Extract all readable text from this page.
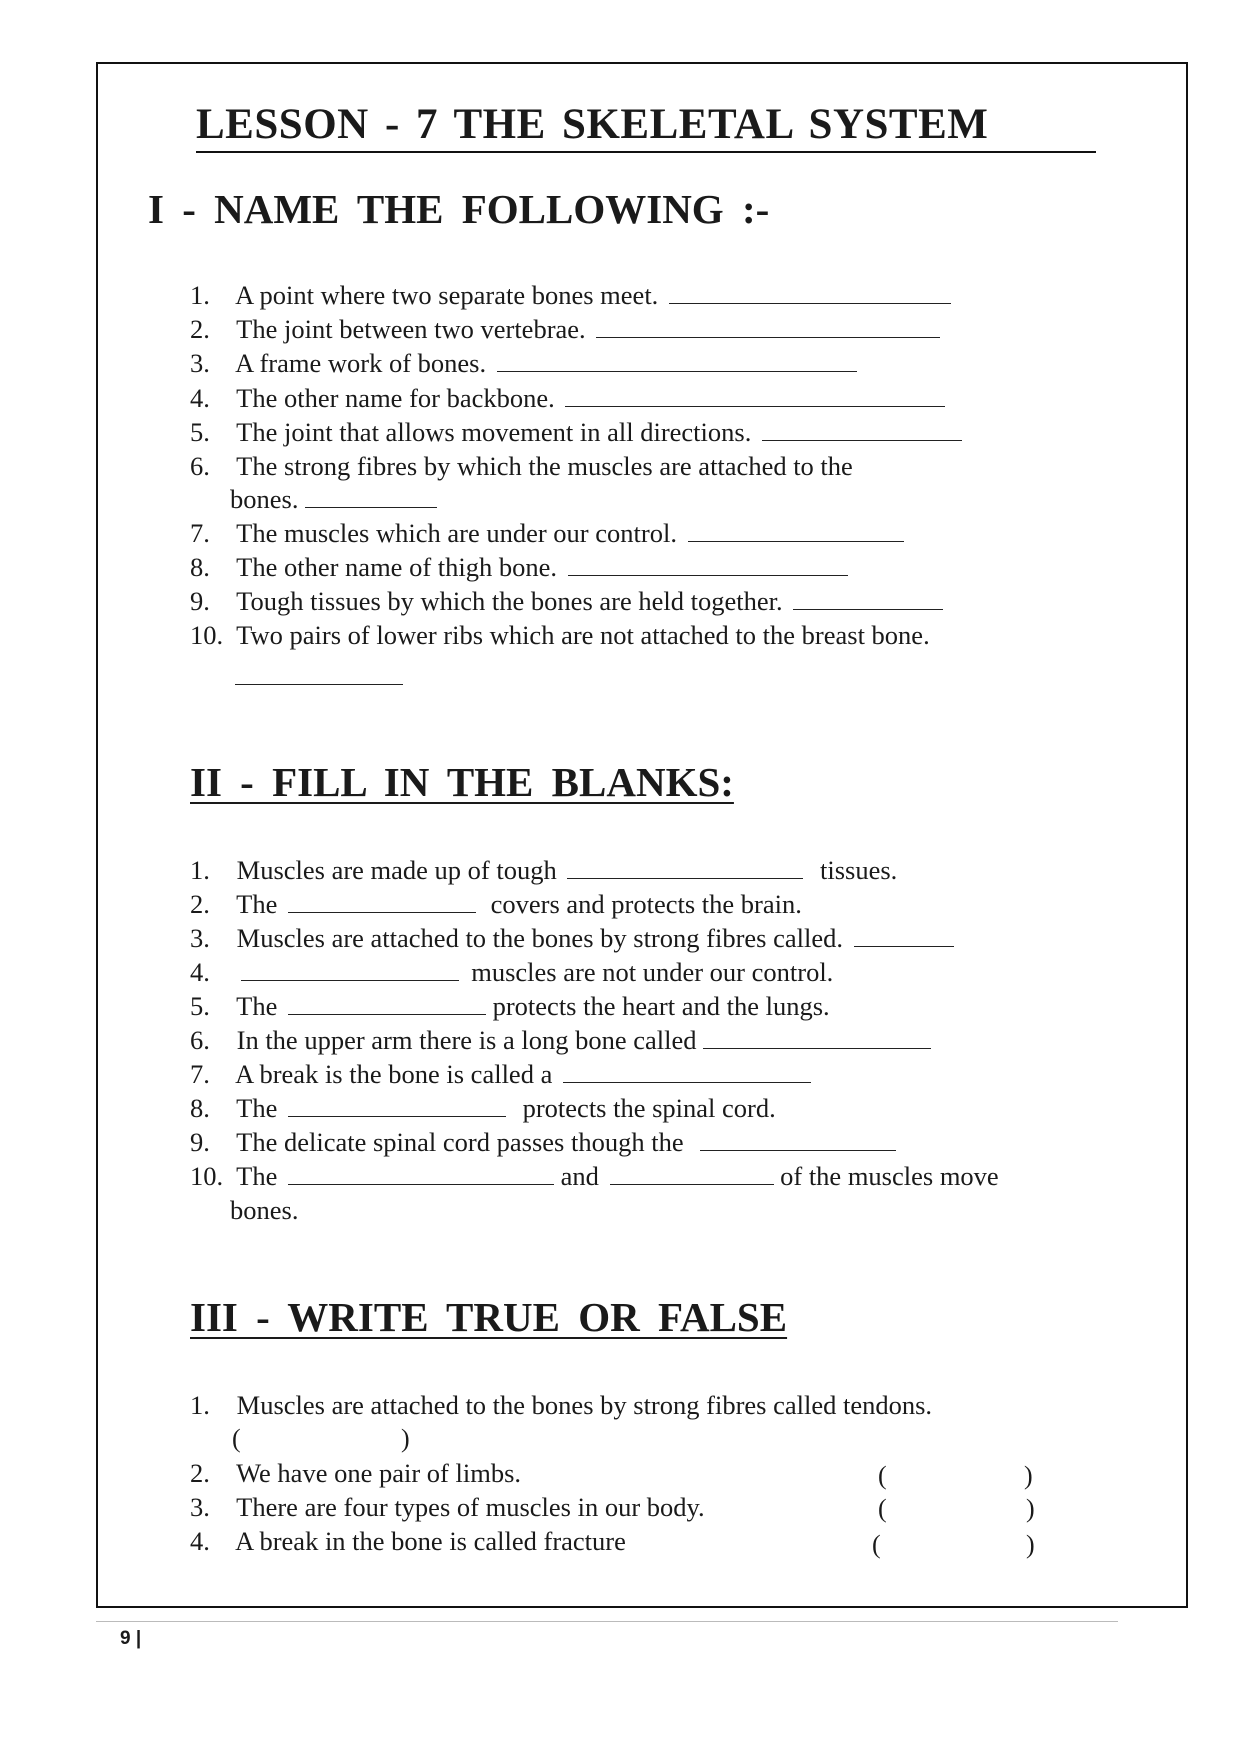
LESSON - 7 THE SKELETAL SYSTEM
I - NAME THE FOLLOWING :-
1. A point where two separate bones meet.
2. The joint between two vertebrae.
3. A frame work of bones.
4. The other name for backbone.
5. The joint that allows movement in all directions.
6. The strong fibres by which the muscles are attached to the
bones.
7. The muscles which are under our control.
8. The other name of thigh bone.
9. Tough tissues by which the bones are held together.
10. Two pairs of lower ribs which are not attached to the breast bone.
II - FILL IN THE BLANKS:
1. Muscles are made up of tough	tissues.
2. The	covers and protects the brain.
3. Muscles are attached to the bones by strong fibres called.
4.	muscles are not under our control.
5. The	protects the heart and the lungs.
6. In the upper arm there is a long bone called
7. A break is the bone is called a
8. The	protects the spinal cord.
9. The delicate spinal cord passes though the
10. The	and	of the muscles move
bones.
III - WRITE TRUE OR FALSE
1. Muscles are attached to the bones by strong fibres called tendons.
(	)
2. We have one pair of limbs.	(	)
3. There are four types of muscles in our body.	(	)
4. A break in the bone is called fracture	(	)
9 |
